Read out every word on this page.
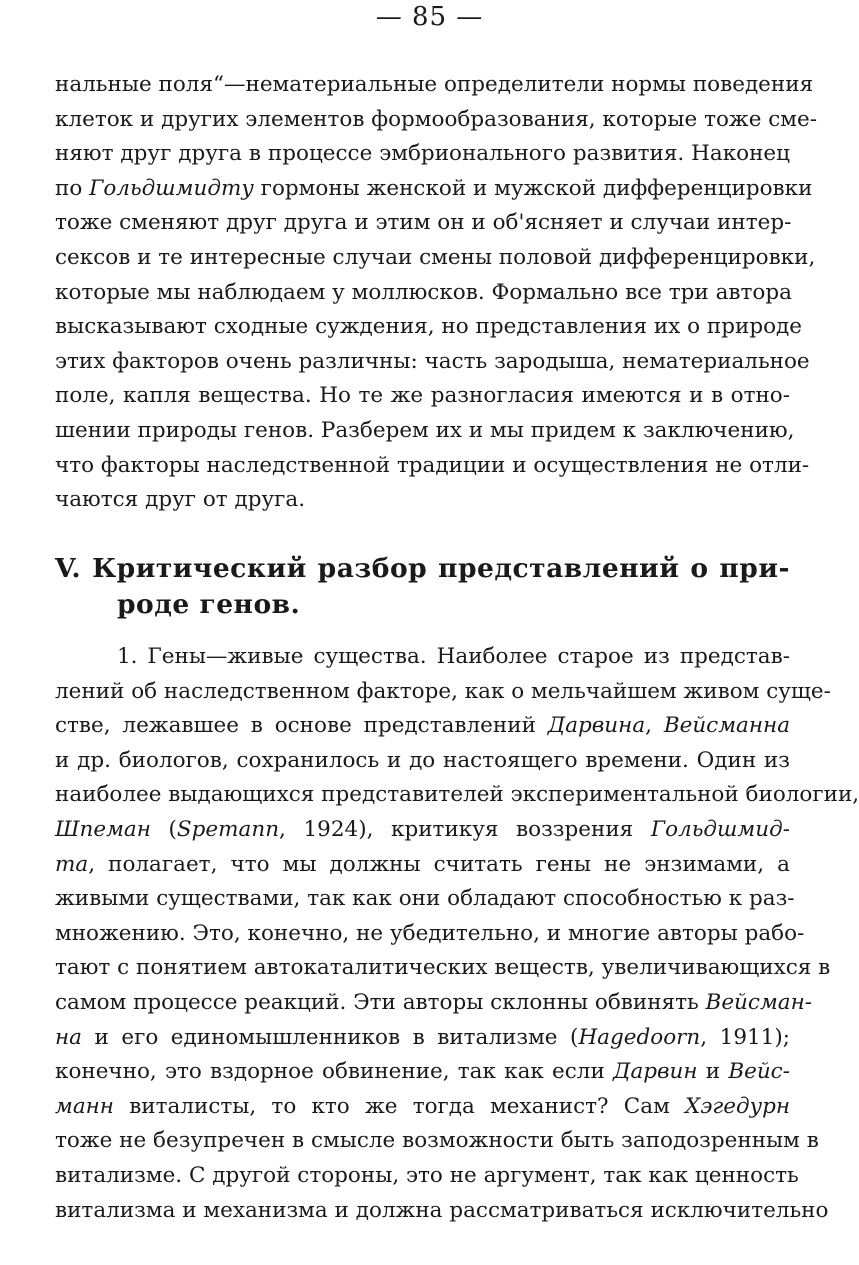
— 85 —
нальные поля“—нематериальные определители нормы поведения
клеток и других элементов формообразования, которые тоже сме-
няют друг друга в процессе эмбрионального развития. Наконец
по Гольдшмидту гормоны женской и мужской дифференцировки
тоже сменяют друг друга и этим он и об'ясняет и случаи интер-
сексов и те интересные случаи смены половой дифференцировки,
которые мы наблюдаем у моллюсков. Формально все три автора
высказывают сходные суждения, но представления их о природе
этих факторов очень различны: часть зародыша, нематериальное
поле, капля вещества. Но те же разногласия имеются и в отно-
шении природы генов. Разберем их и мы придем к заключению,
что факторы наследственной традиции и осуществления не отли-
чаются друг от друга.
V. Критический разбор представлений о при-
роде генов.
1. Гены—живые существа. Наиболее старое из представ-
лений об наследственном факторе, как о мельчайшем живом суще-
стве, лежавшее в основе представлений Дарвина, Вейсманна
и др. биологов, сохранилось и до настоящего времени. Один из
наиболее выдающихся представителей экспериментальной биологии,
Шпеман (Spemann, 1924), критикуя воззрения Гольдшмид-
та, полагает, что мы должны считать гены не энзимами, а
живыми существами, так как они обладают способностью к раз-
множению. Это, конечно, не убедительно, и многие авторы рабо-
тают с понятием автокаталитических веществ, увеличивающихся в
самом процессе реакций. Эти авторы склонны обвинять Вейсман-
на и его единомышленников в витализме (Hagedoorn, 1911);
конечно, это вздорное обвинение, так как если Дарвин и Вейс-
манн виталисты, то кто же тогда механист? Сам Хэгедурн
тоже не безупречен в смысле возможности быть заподозренным в
витализме. С другой стороны, это не аргумент, так как ценность
витализма и механизма и должна рассматриваться исключительно
